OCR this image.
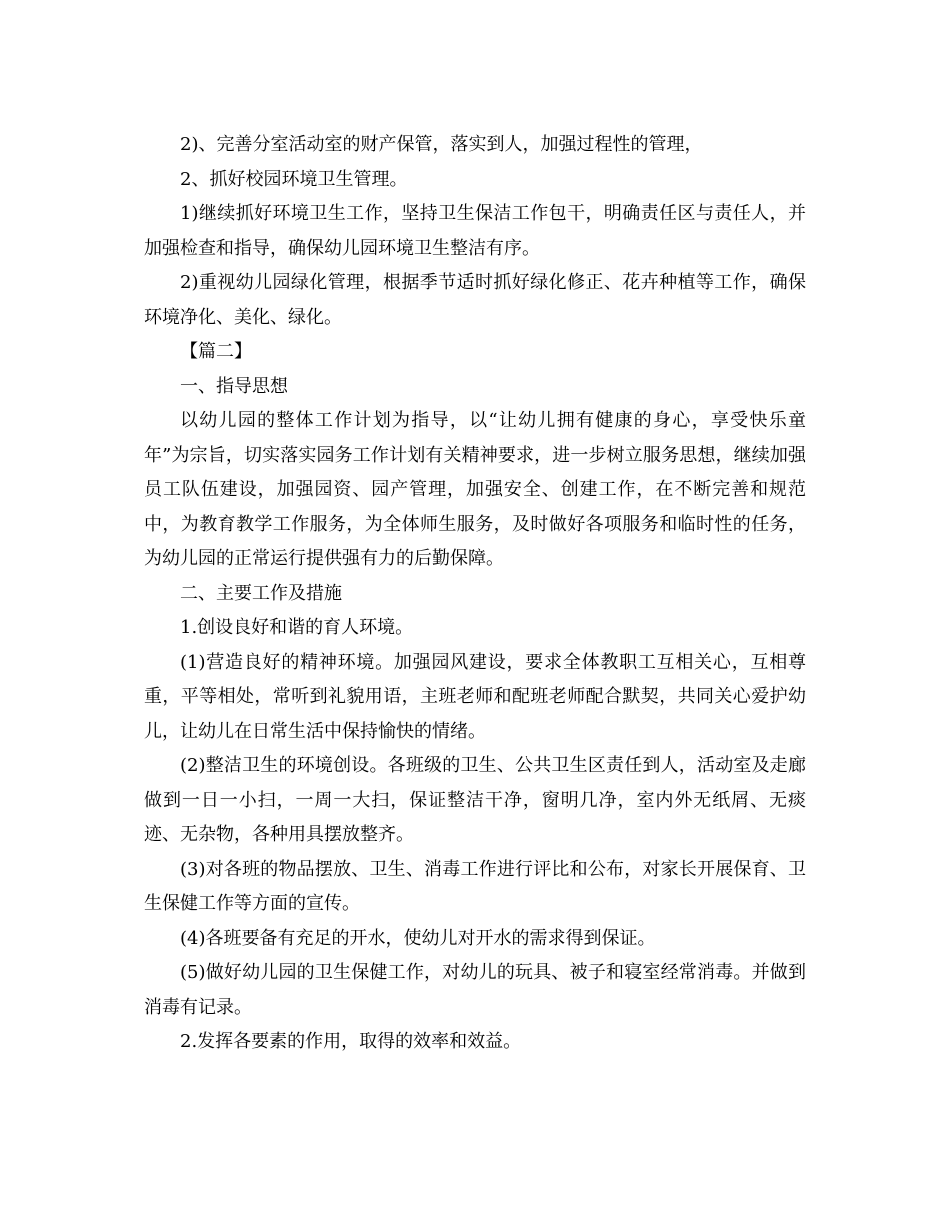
2)、完善分室活动室的财产保管，落实到人，加强过程性的管理，

2、抓好校园环境卫生管理。

1)继续抓好环境卫生工作，坚持卫生保洁工作包干，明确责任区与责任人，并加强检查和指导，确保幼儿园环境卫生整洁有序。

2)重视幼儿园绿化管理，根据季节适时抓好绿化修正、花卉种植等工作，确保环境净化、美化、绿化。

【篇二】

一、指导思想

以幼儿园的整体工作计划为指导，以“让幼儿拥有健康的身心，享受快乐童年”为宗旨，切实落实园务工作计划有关精神要求，进一步树立服务思想，继续加强员工队伍建设，加强园资、园产管理，加强安全、创建工作，在不断完善和规范中，为教育教学工作服务，为全体师生服务，及时做好各项服务和临时性的任务，为幼儿园的正常运行提供强有力的后勤保障。

二、主要工作及措施

1.创设良好和谐的育人环境。

(1)营造良好的精神环境。加强园风建设，要求全体教职工互相关心，互相尊重，平等相处，常听到礼貌用语，主班老师和配班老师配合默契，共同关心爱护幼儿，让幼儿在日常生活中保持愉快的情绪。

(2)整洁卫生的环境创设。各班级的卫生、公共卫生区责任到人，活动室及走廊做到一日一小扫，一周一大扫，保证整洁干净，窗明几净，室内外无纸屑、无痰迹、无杂物，各种用具摆放整齐。

(3)对各班的物品摆放、卫生、消毒工作进行评比和公布，对家长开展保育、卫生保健工作等方面的宣传。

(4)各班要备有充足的开水，使幼儿对开水的需求得到保证。

(5)做好幼儿园的卫生保健工作，对幼儿的玩具、被子和寝室经常消毒。并做到消毒有记录。

2.发挥各要素的作用，取得的效率和效益。
